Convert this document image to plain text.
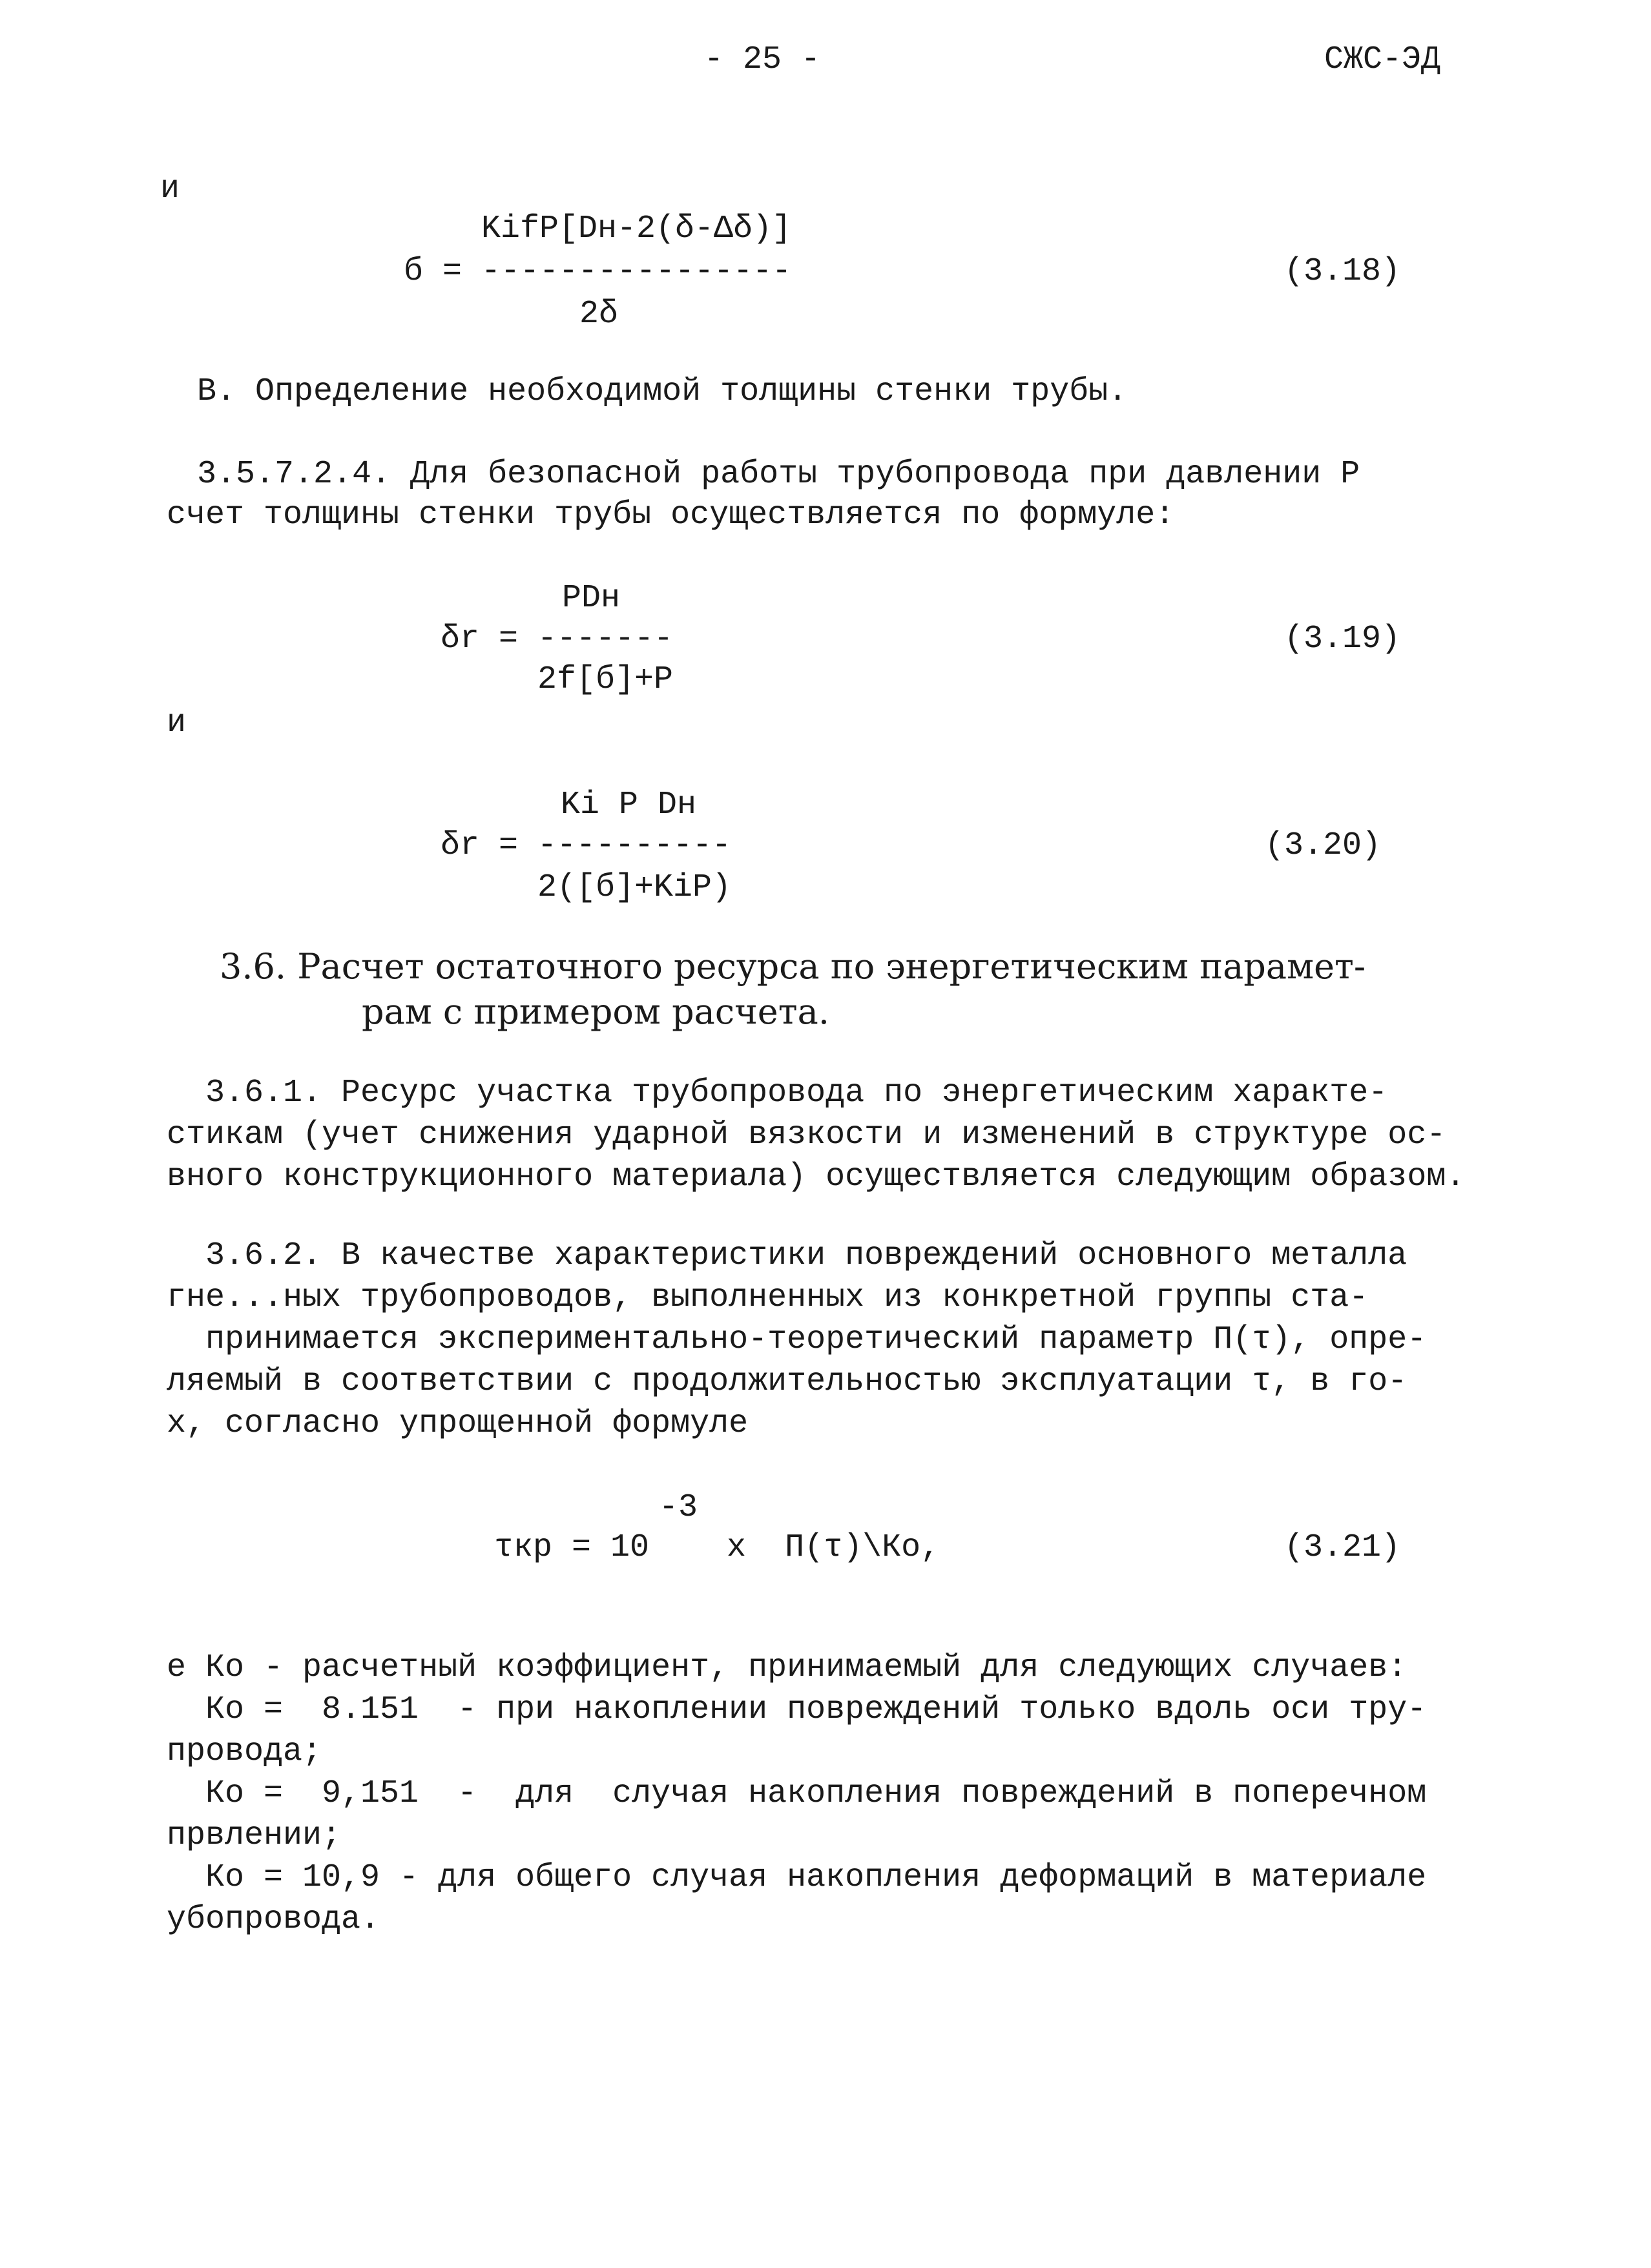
- 25 -	СЖС-ЭД
и
KifP[Dн-2(δ-Δδ)]
б = ----------------
2δ
(3.18)
В. Определение необходимой толщины стенки трубы.
3.5.7.2.4. Для безопасной работы трубопровода при давлении Р
счет толщины стенки трубы осуществляется по формуле:
PDн
δr = -------
2f[б]+P
(3.19)
и
Ki P Dн
δr = ----------
2([б]+KiP)
(3.20)
3.6. Расчет остаточного ресурса по энергетическим парамет-
рам с примером расчета.
3.6.1. Ресурс участка трубопровода по энергетическим характе-
стикам (учет снижения ударной вязкости и изменений в структуре ос-
вного конструкционного материала) осуществляется следующим образом.
3.6.2. В качестве характеристики повреждений основного металла
гне...ных трубопроводов, выполненных из конкретной группы ста-
принимается экспериментально-теоретический параметр П(τ), опре-
ляемый в соответствии с продолжительностью эксплуатации τ, в го-
х, согласно упрощенной формуле
-3
τкр = 10    x  П(τ)\Ко,	(3.21)
е Ко - расчетный коэффициент, принимаемый для следующих случаев:
Ко =  8.151  - при накоплении повреждений только вдоль оси тру-
провода;
Ко =  9,151  -  для  случая накопления повреждений в поперечном
првлении;
Ко = 10,9 - для общего случая накопления деформаций в материале
убопровода.
